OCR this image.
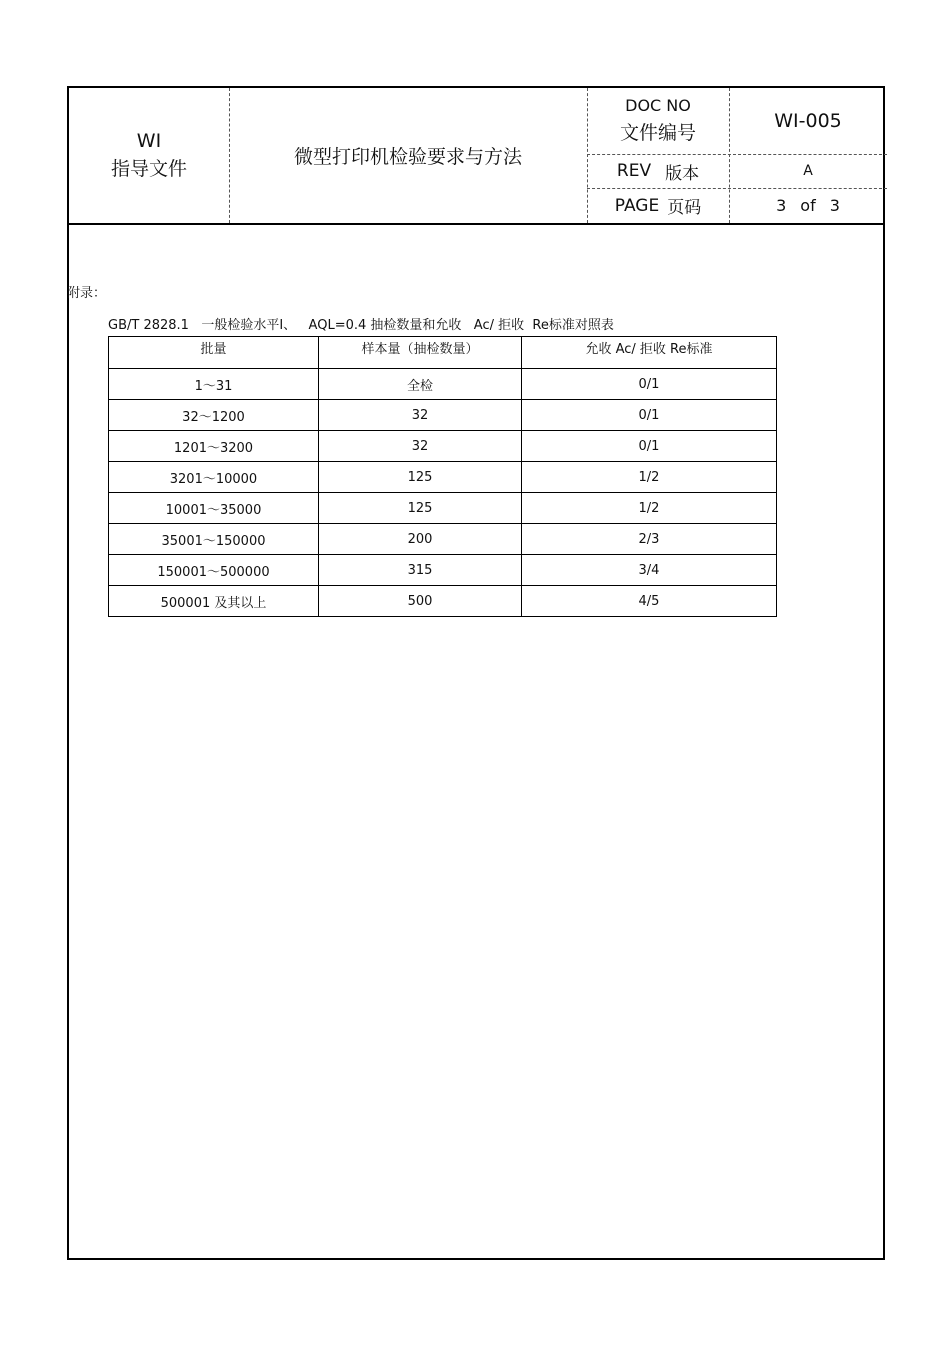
WI
指导文件
微型打印机检验要求与方法
DOC NO
文件编号
WI-005
REV 版本	A
PAGE 页码	3 of 3
附录：
GB/T 2828.1   一般检验水平Ⅰ、   AQL=0.4 抽检数量和允收   Ac/ 拒收  Re标准对照表
批量	样本量（抽检数量）	允收 Ac/ 拒收 Re标准
1～31	全检	0/1
32～1200	32	0/1
1201～3200	32	0/1
3201～10000	125	1/2
10001～35000	125	1/2
35001～150000	200	2/3
150001～500000	315	3/4
500001 及其以上	500	4/5
